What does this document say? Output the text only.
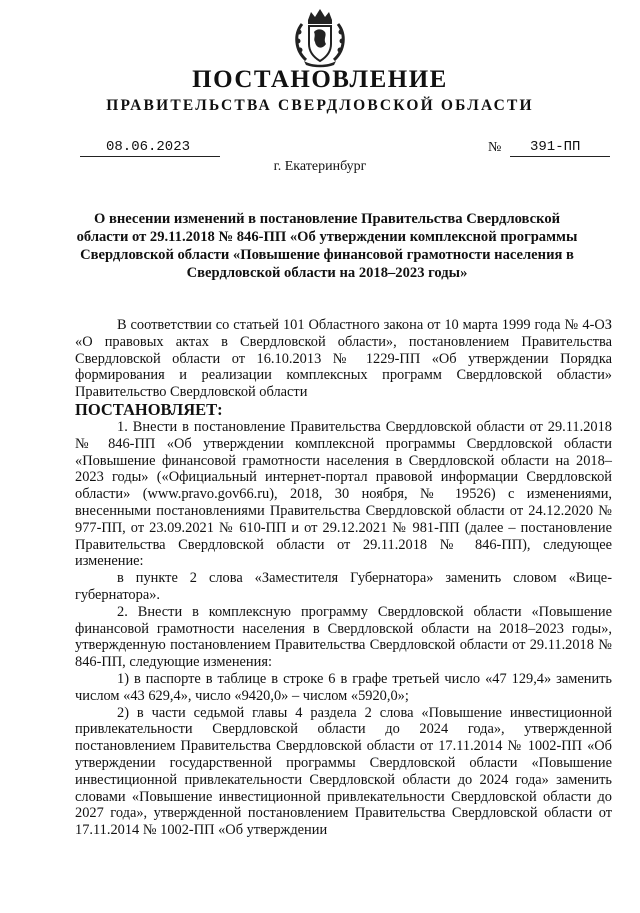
ПОСТАНОВЛЕНИЕ
ПРАВИТЕЛЬСТВА СВЕРДЛОВСКОЙ ОБЛАСТИ
08.06.2023	№	391-ПП
г. Екатеринбург
О внесении изменений в постановление Правительства Свердловской области от 29.11.2018 № 846-ПП «Об утверждении комплексной программы Свердловской области «Повышение финансовой грамотности населения в Свердловской области на 2018–2023 годы»

В соответствии со статьей 101 Областного закона от 10 марта 1999 года № 4-ОЗ «О правовых актах в Свердловской области», постановлением Правительства Свердловской области от 16.10.2013 № 1229-ПП «Об утверждении Порядка формирования и реализации комплексных программ Свердловской области» Правительство Свердловской области

ПОСТАНОВЛЯЕТ:

1. Внести в постановление Правительства Свердловской области от 29.11.2018 № 846-ПП «Об утверждении комплексной программы Свердловской области «Повышение финансовой грамотности населения в Свердловской области на 2018–2023 годы» («Официальный интернет-портал правовой информации Свердловской области» (www.pravo.gov66.ru), 2018, 30 ноября, № 19526) с изменениями, внесенными постановлениями Правительства Свердловской области от 24.12.2020 № 977-ПП, от 23.09.2021 № 610-ПП и от 29.12.2021 № 981-ПП (далее – постановление Правительства Свердловской области от 29.11.2018 № 846-ПП), следующее изменение:

в пункте 2 слова «Заместителя Губернатора» заменить словом «Вице-губернатора».

2. Внести в комплексную программу Свердловской области «Повышение финансовой грамотности населения в Свердловской области на 2018–2023 годы», утвержденную постановлением Правительства Свердловской области от 29.11.2018 № 846-ПП, следующие изменения:

1) в паспорте в таблице в строке 6 в графе третьей число «47 129,4» заменить числом «43 629,4», число «9420,0» – числом «5920,0»;

2) в части седьмой главы 4 раздела 2 слова «Повышение инвестиционной привлекательности Свердловской области до 2024 года», утвержденной постановлением Правительства Свердловской области от 17.11.2014 № 1002-ПП «Об утверждении государственной программы Свердловской области «Повышение инвестиционной привлекательности Свердловской области до 2024 года» заменить словами «Повышение инвестиционной привлекательности Свердловской области до 2027 года», утвержденной постановлением Правительства Свердловской области от 17.11.2014 № 1002-ПП «Об утверждении
